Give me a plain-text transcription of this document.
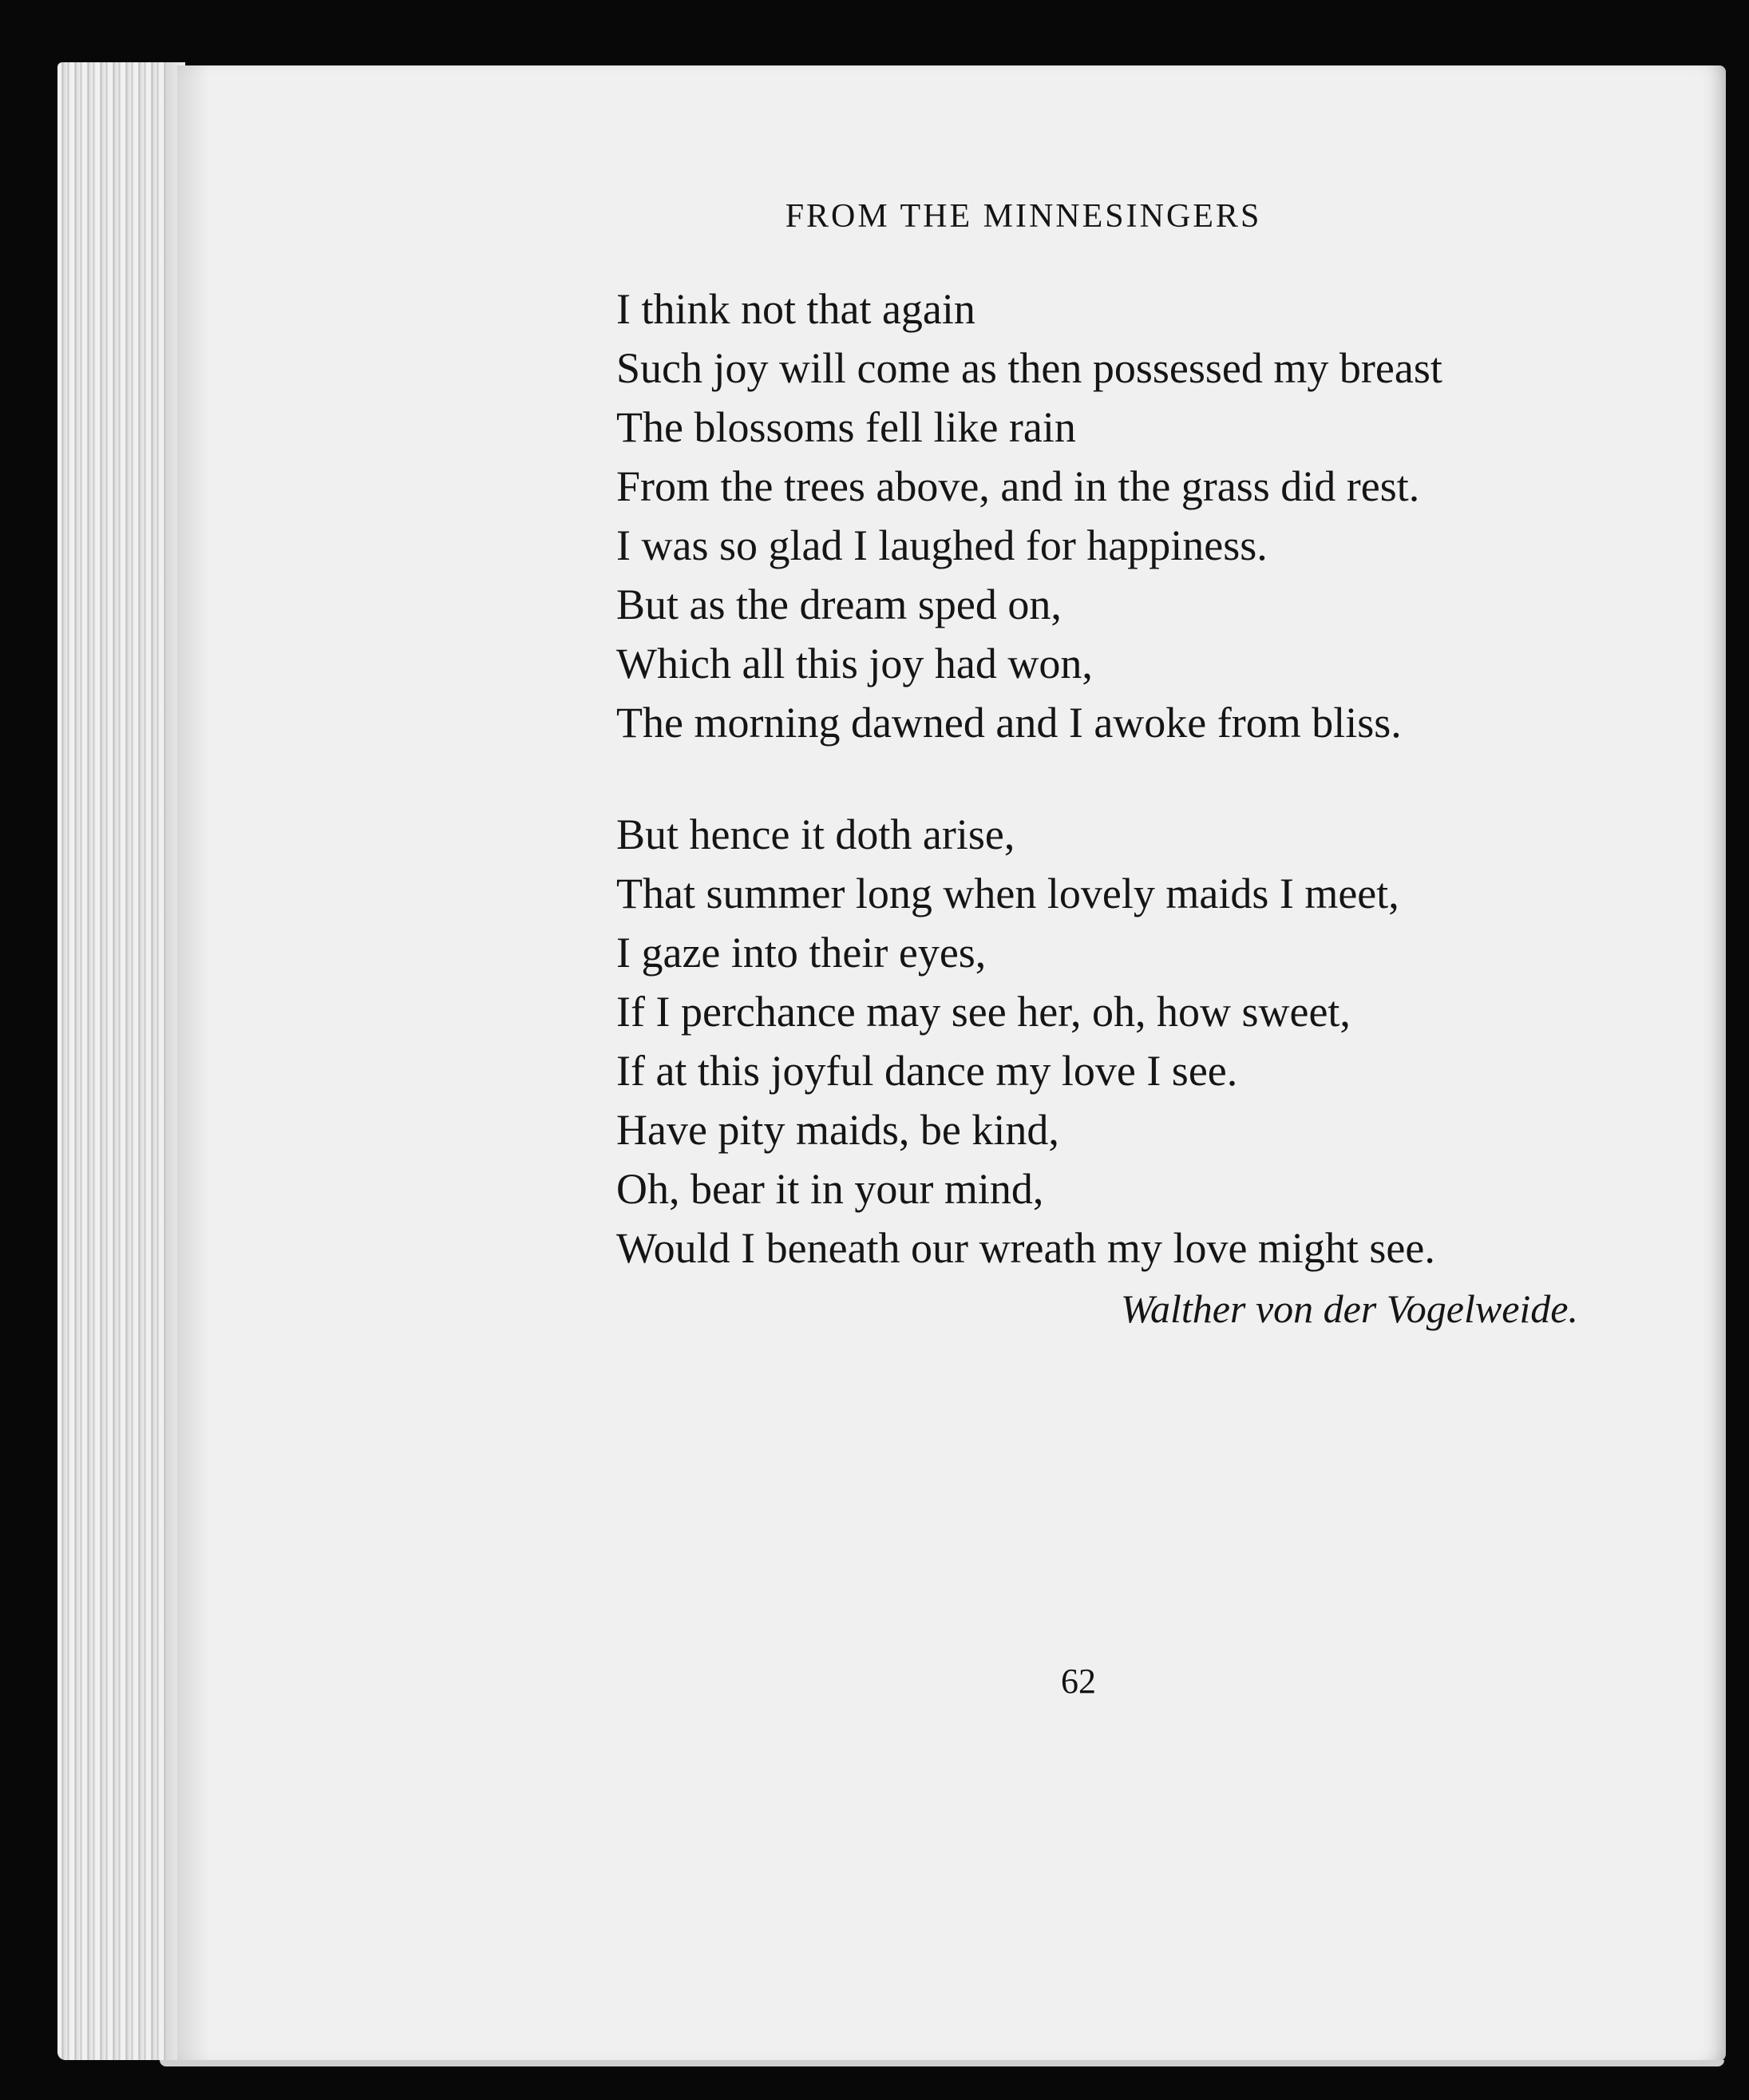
FROM THE MINNESINGERS

I think not that again
Such joy will come as then possessed my breast
The blossoms fell like rain
From the trees above, and in the grass did rest.
I was so glad I laughed for happiness.
But as the dream sped on,
Which all this joy had won,
The morning dawned and I awoke from bliss.

But hence it doth arise,
That summer long when lovely maids I meet,
I gaze into their eyes,
If I perchance may see her, oh, how sweet,
If at this joyful dance my love I see.
Have pity maids, be kind,
Oh, bear it in your mind,
Would I beneath our wreath my love might see.
Walther von der Vogelweide.

62
